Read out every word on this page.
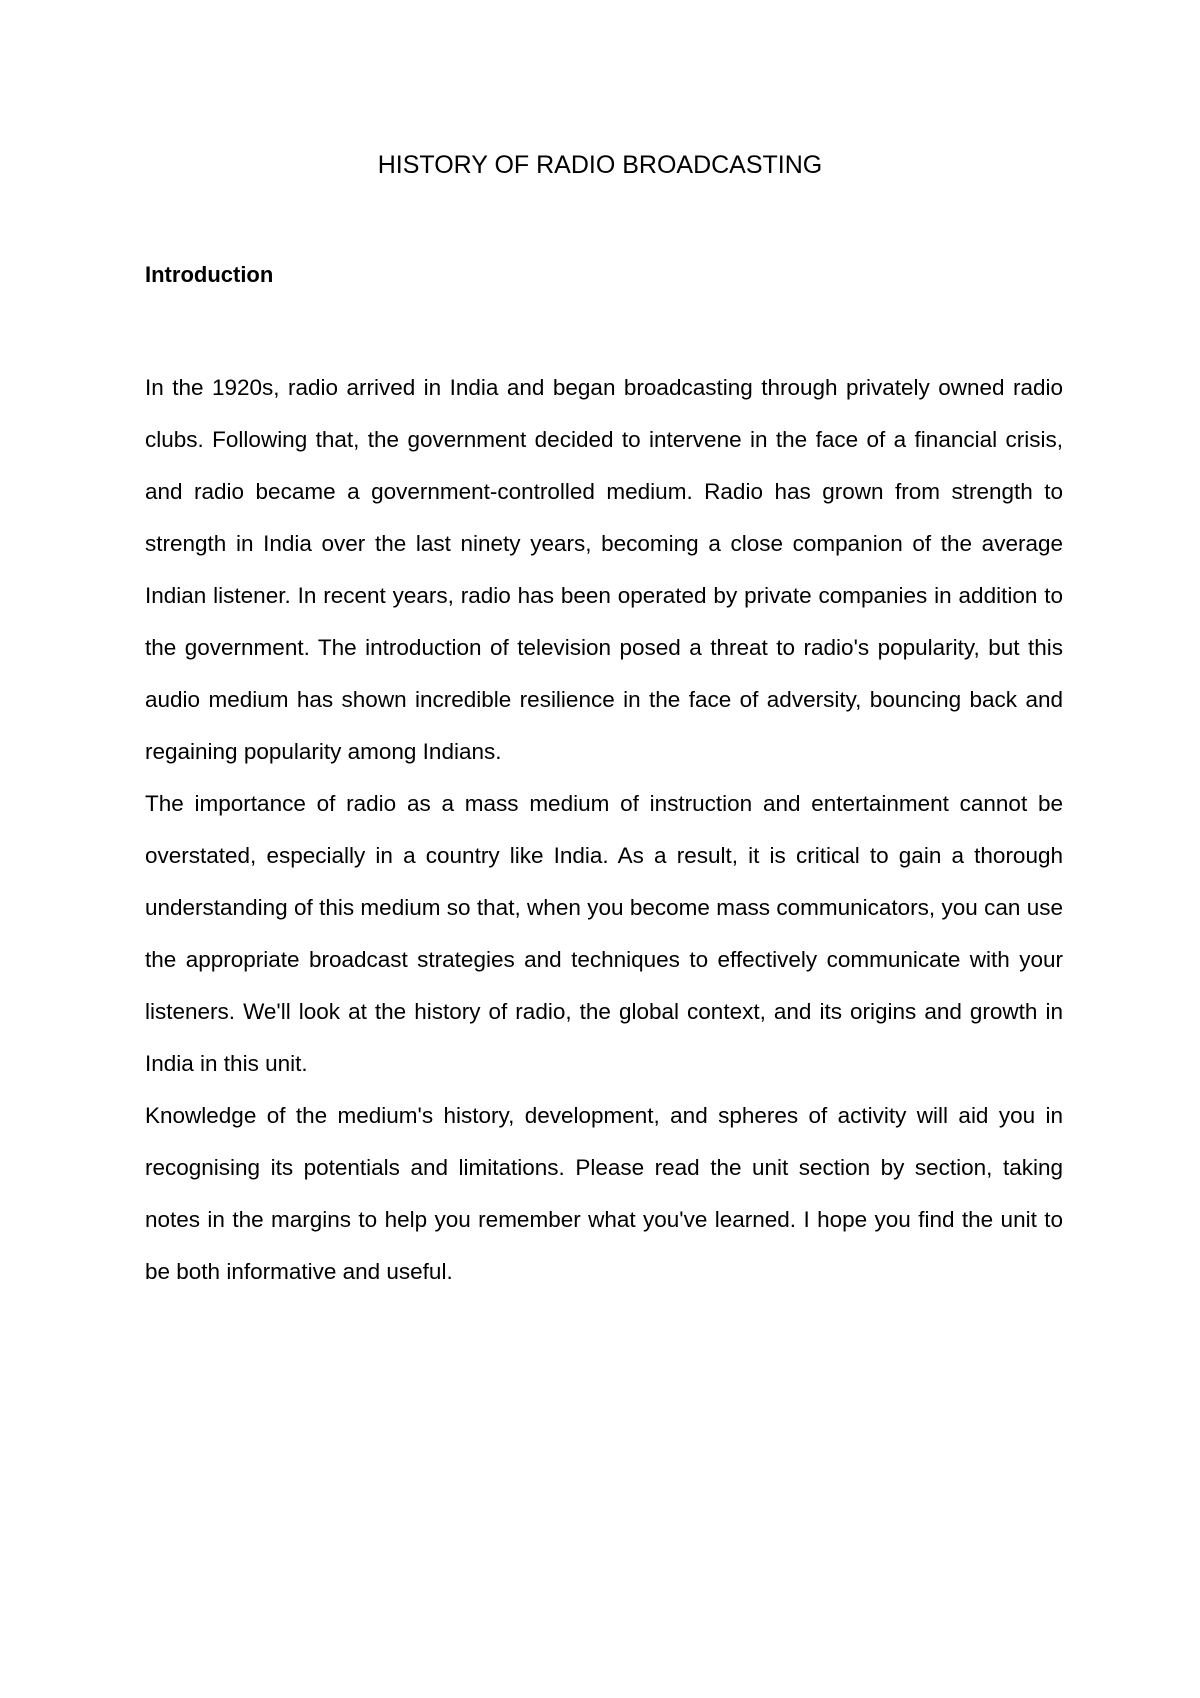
HISTORY OF RADIO BROADCASTING
Introduction

In the 1920s, radio arrived in India and began broadcasting through privately owned radio clubs. Following that, the government decided to intervene in the face of a financial crisis, and radio became a government-controlled medium. Radio has grown from strength to strength in India over the last ninety years, becoming a close companion of the average Indian listener. In recent years, radio has been operated by private companies in addition to the government. The introduction of television posed a threat to radio's popularity, but this audio medium has shown incredible resilience in the face of adversity, bouncing back and regaining popularity among Indians.

The importance of radio as a mass medium of instruction and entertainment cannot be overstated, especially in a country like India. As a result, it is critical to gain a thorough understanding of this medium so that, when you become mass communicators, you can use the appropriate broadcast strategies and techniques to effectively communicate with your listeners. We'll look at the history of radio, the global context, and its origins and growth in India in this unit.

Knowledge of the medium's history, development, and spheres of activity will aid you in recognising its potentials and limitations. Please read the unit section by section, taking notes in the margins to help you remember what you've learned. I hope you find the unit to be both informative and useful.
